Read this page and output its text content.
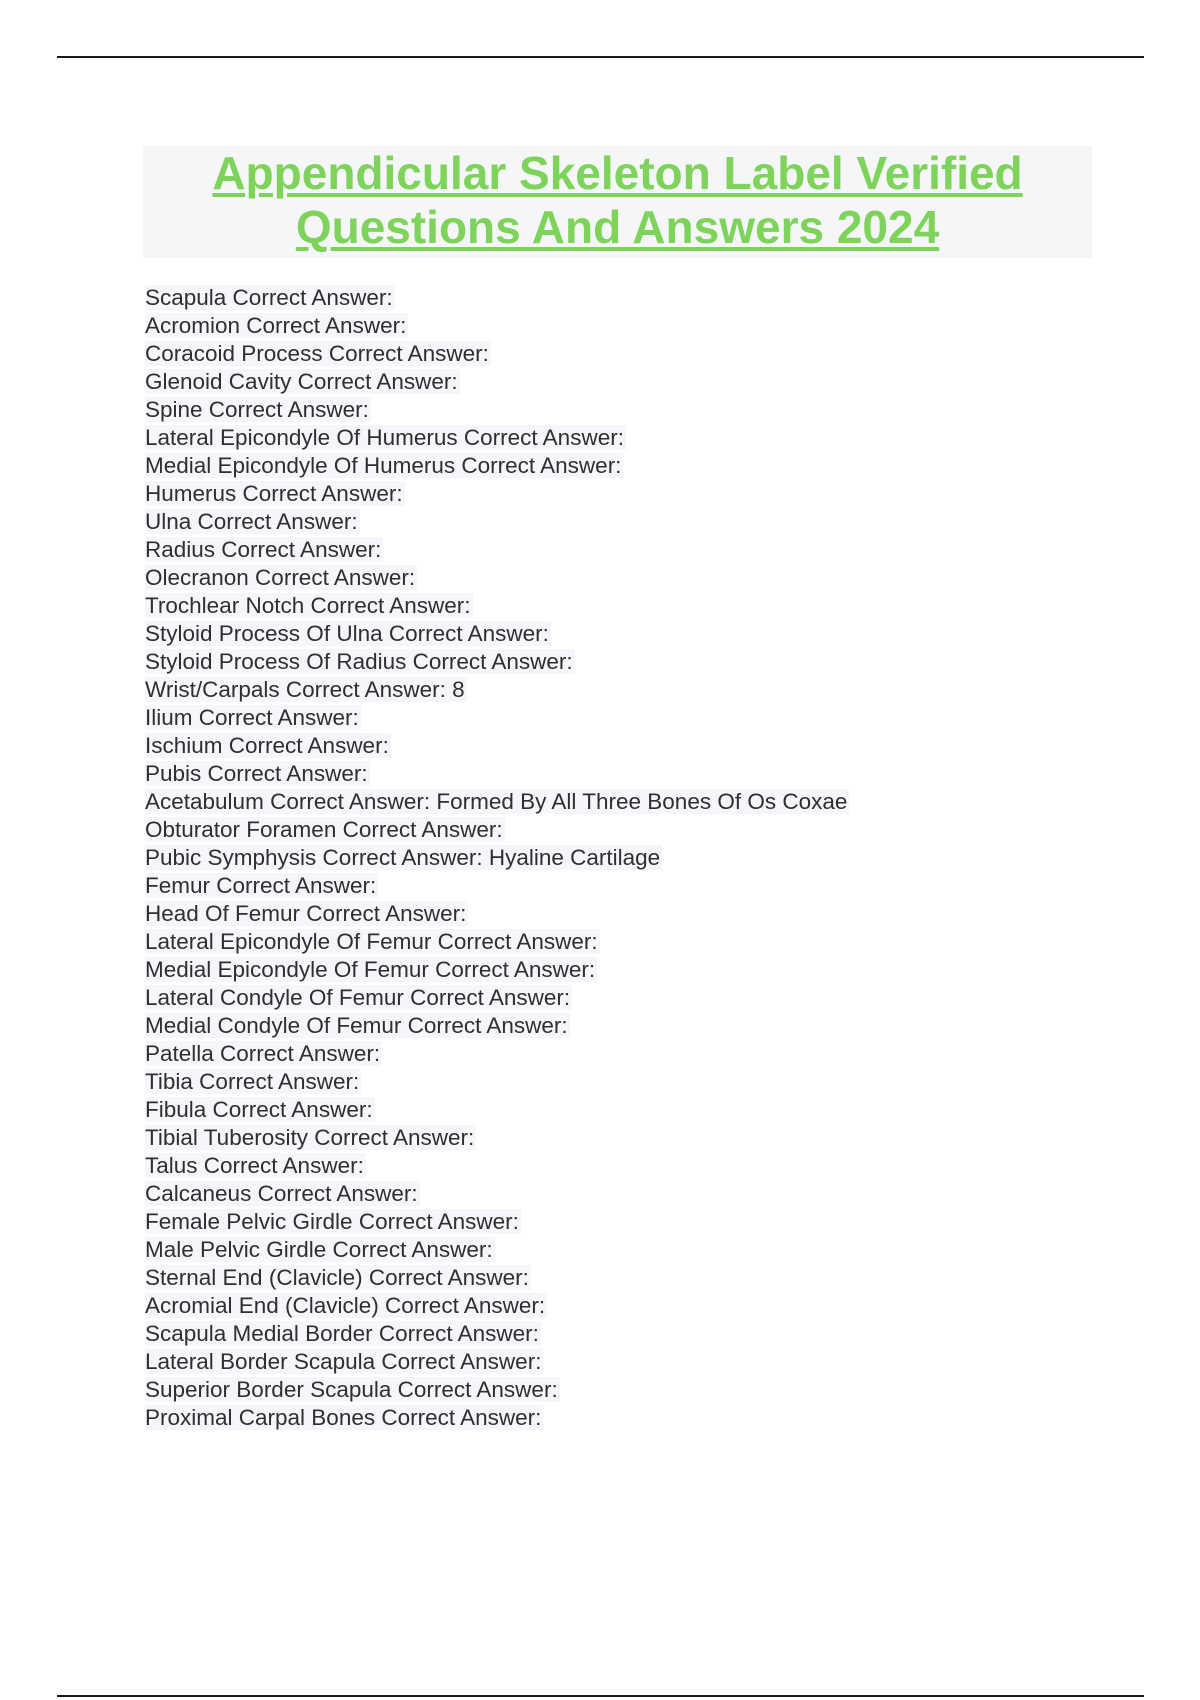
Appendicular Skeleton Label Verified

Questions And Answers 2024

Scapula Correct Answer:
Acromion Correct Answer:
Coracoid Process Correct Answer:
Glenoid Cavity Correct Answer:
Spine Correct Answer:
Lateral Epicondyle Of Humerus Correct Answer:
Medial Epicondyle Of Humerus Correct Answer:
Humerus Correct Answer:
Ulna Correct Answer:
Radius Correct Answer:
Olecranon Correct Answer:
Trochlear Notch Correct Answer:
Styloid Process Of Ulna Correct Answer:
Styloid Process Of Radius Correct Answer:
Wrist/Carpals Correct Answer: 8
Ilium Correct Answer:
Ischium Correct Answer:
Pubis Correct Answer:
Acetabulum Correct Answer: Formed By All Three Bones Of Os Coxae
Obturator Foramen Correct Answer:
Pubic Symphysis Correct Answer: Hyaline Cartilage
Femur Correct Answer:
Head Of Femur Correct Answer:
Lateral Epicondyle Of Femur Correct Answer:
Medial Epicondyle Of Femur Correct Answer:
Lateral Condyle Of Femur Correct Answer:
Medial Condyle Of Femur Correct Answer:
Patella Correct Answer:
Tibia Correct Answer:
Fibula Correct Answer:
Tibial Tuberosity Correct Answer:
Talus Correct Answer:
Calcaneus Correct Answer:
Female Pelvic Girdle Correct Answer:
Male Pelvic Girdle Correct Answer:
Sternal End (Clavicle) Correct Answer:
Acromial End (Clavicle) Correct Answer:
Scapula Medial Border Correct Answer:
Lateral Border Scapula Correct Answer:
Superior Border Scapula Correct Answer:
Proximal Carpal Bones Correct Answer:
